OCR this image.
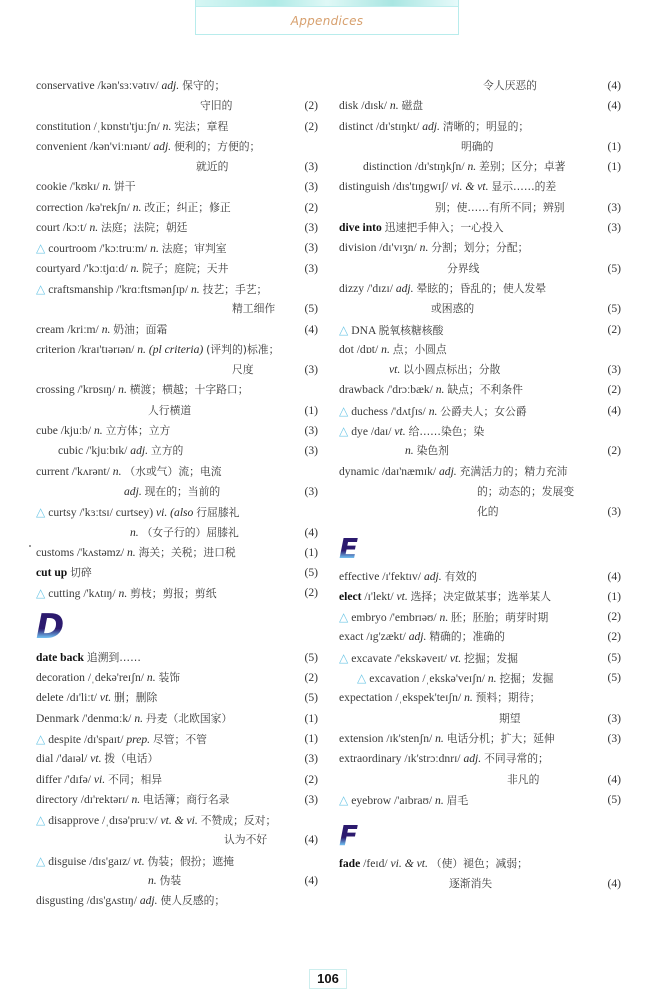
Appendices
conservative /kən'sɜːvətɪv/ adj. 保守的；
守旧的	(2)
constitution /ˌkɒnstɪ'tjuːʃn/ n. 宪法；章程	(2)
convenient /kən'viːnɪənt/ adj. 便利的；方便的；
就近的	(3)
cookie /'kʊkɪ/ n. 饼干	(3)
correction /kə'rekʃn/ n. 改正；纠正；修正	(2)
court /kɔːt/ n. 法庭；法院；朝廷	(3)
△ courtroom /'kɔːtruːm/ n. 法庭；审判室	(3)
courtyard /'kɔːtjɑːd/ n. 院子；庭院；天井	(3)
△ craftsmanship /'krɑːftsmənʃɪp/ n. 技艺；手艺；
精工细作	(5)
cream /kriːm/ n. 奶油；面霜	(4)
criterion /kraɪ'tɪərɪən/ n. (pl criteria) (评判的)标准；
尺度	(3)
crossing /'krɒsɪŋ/ n. 横渡；横越；十字路口；
人行横道	(1)
cube /kjuːb/ n. 立方体；立方	(3)
cubic /'kjuːbɪk/ adj. 立方的	(3)
current /'kʌrənt/ n. （水或气）流；电流
adj. 现在的；当前的	(3)
△ curtsy /'kɜːtsɪ/ curtsey) vi. (also 行屈膝礼
n. （女子行的）屈膝礼	(4)
customs /'kʌstəmz/ n. 海关；关税；进口税	(1)
cut up 切碎	(5)
△ cutting /'kʌtɪŋ/ n. 剪枝；剪报；剪纸	(2)
D
date back 追溯到……	(5)
decoration /ˌdekə'reɪʃn/ n. 装饰	(2)
delete /dɪ'liːt/ vt. 删；删除	(5)
Denmark /'denmɑːk/ n. 丹麦（北欧国家）	(1)
△ despite /dɪ'spaɪt/ prep. 尽管；不管	(1)
dial /'daɪəl/ vt. 拨（电话）	(3)
differ /'dɪfə/ vi. 不同；相异	(2)
directory /dɪ'rektərɪ/ n. 电话簿；商行名录	(3)
△ disapprove /ˌdɪsə'pruːv/ vt. & vi. 不赞成；反对；
认为不好	(4)
△ disguise /dɪs'gaɪz/ vt. 伪装；假扮；遮掩
n. 伪装	(4)
disgusting /dɪs'gʌstɪŋ/ adj. 使人反感的；
令人厌恶的	(4)
disk /dɪsk/ n. 磁盘	(4)
distinct /dɪ'stɪŋkt/ adj. 清晰的；明显的；
明确的	(1)
distinction /dɪ'stɪŋkʃn/ n. 差别；区分；卓著	(1)
distinguish /dɪs'tɪŋgwɪʃ/ vi. & vt. 显示……的差
别；使……有所不同；辨别	(3)
dive into 迅速把手伸入；一心投入	(3)
division /dɪ'vɪʒn/ n. 分割；划分；分配；
分界线	(5)
dizzy /'dɪzɪ/ adj. 晕眩的；昏乱的；使人发晕
或困惑的	(5)
△ DNA 脱氧核糖核酸	(2)
dot /dɒt/ n. 点；小圆点
vt. 以小圆点标出；分散	(3)
drawback /'drɔːbæk/ n. 缺点；不利条件	(2)
△ duchess /'dʌtʃɪs/ n. 公爵夫人；女公爵	(4)
△ dye /daɪ/ vt. 给……染色；染
n. 染色剂	(2)
dynamic /daɪ'næmɪk/ adj. 充满活力的；精力充沛
的；动态的；发展变
化的	(3)
E
effective /ɪ'fektɪv/ adj. 有效的	(4)
elect /ɪ'lekt/ vt. 选择；决定做某事；选举某人	(1)
△ embryo /'embrɪəʊ/ n. 胚；胚胎；萌芽时期	(2)
exact /ɪg'zækt/ adj. 精确的；准确的	(2)
△ excavate /'ekskəveɪt/ vt. 挖掘；发掘	(5)
△ excavation /ˌekskə'veɪʃn/ n. 挖掘；发掘	(5)
expectation /ˌekspek'teɪʃn/ n. 预料；期待；
期望	(3)
extension /ɪk'stenʃn/ n. 电话分机；扩大；延伸	(3)
extraordinary /ɪk'strɔːdnrɪ/ adj. 不同寻常的；
非凡的	(4)
△ eyebrow /'aɪbraʊ/ n. 眉毛	(5)
F
fade /feɪd/ vi. & vt. （使）褪色；减弱；
逐渐消失	(4)
106
